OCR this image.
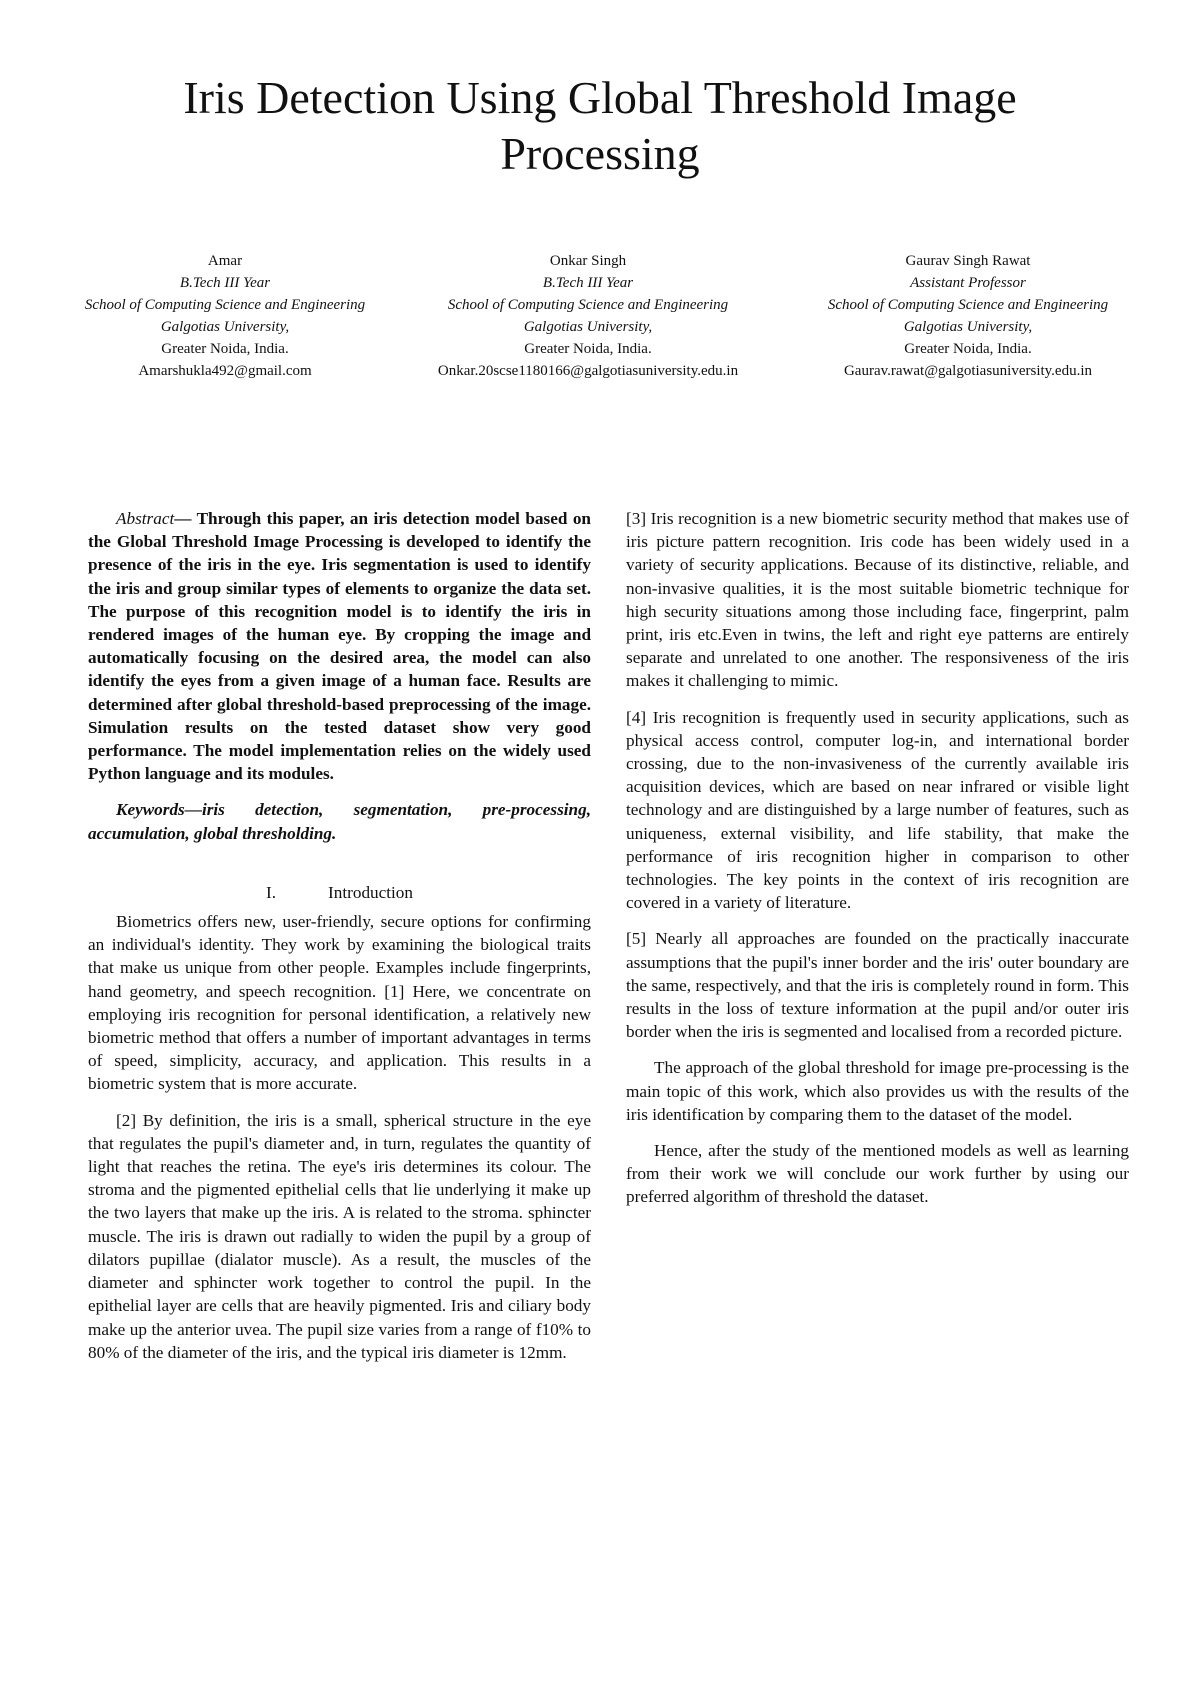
Iris Detection Using Global Threshold Image Processing
Amar
B.Tech III Year
School of Computing Science and Engineering
Galgotias University,
Greater Noida, India.
Amarshukla492@gmail.com
Onkar Singh
B.Tech III Year
School of Computing Science and Engineering
Galgotias University,
Greater Noida, India.
Onkar.20scse1180166@galgotiasuniversity.edu.in
Gaurav Singh Rawat
Assistant Professor
School of Computing Science and Engineering
Galgotias University,
Greater Noida, India.
Gaurav.rawat@galgotiasuniversity.edu.in

Abstract— Through this paper, an iris detection model based on the Global Threshold Image Processing is developed to identify the presence of the iris in the eye. Iris segmentation is used to identify the iris and group similar types of elements to organize the data set. The purpose of this recognition model is to identify the iris in rendered images of the human eye. By cropping the image and automatically focusing on the desired area, the model can also identify the eyes from a given image of a human face. Results are determined after global threshold-based preprocessing of the image. Simulation results on the tested dataset show very good performance. The model implementation relies on the widely used Python language and its modules.

Keywords—iris detection, segmentation, pre-processing, accumulation, global thresholding.

I.	Introduction

Biometrics offers new, user-friendly, secure options for confirming an individual's identity. They work by examining the biological traits that make us unique from other people. Examples include fingerprints, hand geometry, and speech recognition. [1] Here, we concentrate on employing iris recognition for personal identification, a relatively new biometric method that offers a number of important advantages in terms of speed, simplicity, accuracy, and application. This results in a biometric system that is more accurate.

[2] By definition, the iris is a small, spherical structure in the eye that regulates the pupil's diameter and, in turn, regulates the quantity of light that reaches the retina. The eye's iris determines its colour. The stroma and the pigmented epithelial cells that lie underlying it make up the two layers that make up the iris. A is related to the stroma. sphincter muscle. The iris is drawn out radially to widen the pupil by a group of dilators pupillae (dialator muscle). As a result, the muscles of the diameter and sphincter work together to control the pupil. In the epithelial layer are cells that are heavily pigmented. Iris and ciliary body make up the anterior uvea. The pupil size varies from a range of f10% to 80% of the diameter of the iris, and the typical iris diameter is 12mm.

[3] Iris recognition is a new biometric security method that makes use of iris picture pattern recognition. Iris code has been widely used in a variety of security applications. Because of its distinctive, reliable, and non-invasive qualities, it is the most suitable biometric technique for high security situations among those including face, fingerprint, palm print, iris etc.Even in twins, the left and right eye patterns are entirely separate and unrelated to one another. The responsiveness of the iris makes it challenging to mimic.

[4] Iris recognition is frequently used in security applications, such as physical access control, computer log-in, and international border crossing, due to the non-invasiveness of the currently available iris acquisition devices, which are based on near infrared or visible light technology and are distinguished by a large number of features, such as uniqueness, external visibility, and life stability, that make the performance of iris recognition higher in comparison to other technologies. The key points in the context of iris recognition are covered in a variety of literature.

[5] Nearly all approaches are founded on the practically inaccurate assumptions that the pupil's inner border and the iris' outer boundary are the same, respectively, and that the iris is completely round in form. This results in the loss of texture information at the pupil and/or outer iris border when the iris is segmented and localised from a recorded picture.

The approach of the global threshold for image pre-processing is the main topic of this work, which also provides us with the results of the iris identification by comparing them to the dataset of the model.

Hence, after the study of the mentioned models as well as learning from their work we will conclude our work further by using our preferred algorithm of threshold the dataset.
